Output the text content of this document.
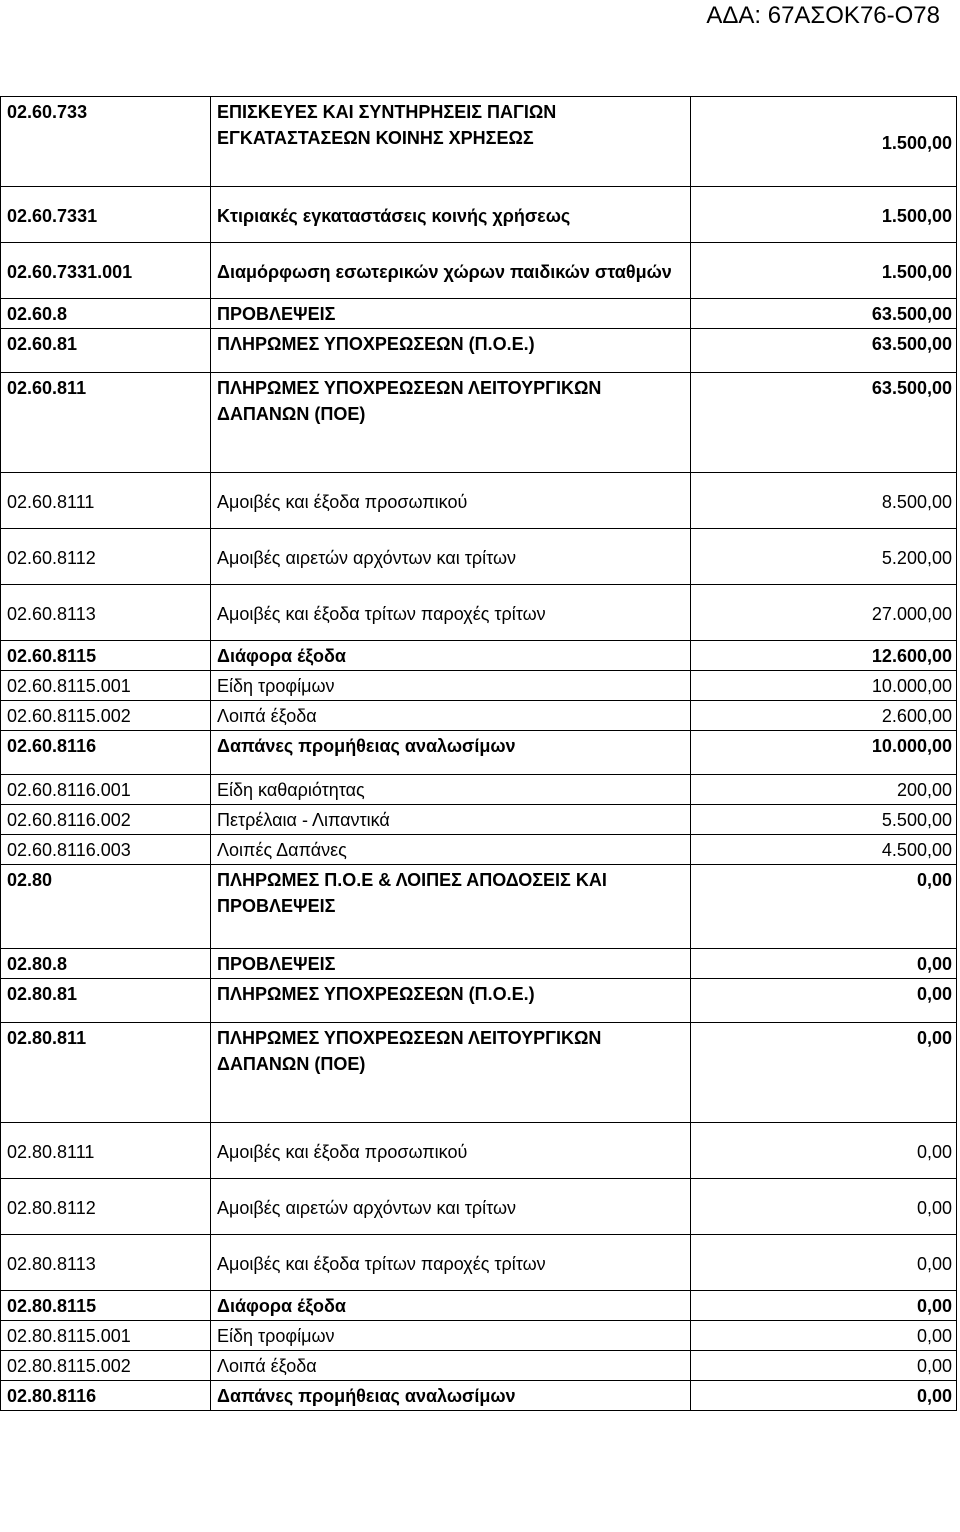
ΑΔΑ: 67ΑΣΟΚ76-Ο78
02.60.733	ΕΠΙΣΚΕΥΕΣ ΚΑΙ ΣΥΝΤΗΡΗΣΕΙΣ ΠΑΓΙΩΝ ΕΓΚΑΤΑΣΤΑΣΕΩΝ ΚΟΙΝΗΣ ΧΡΗΣΕΩΣ	1.500,00
02.60.7331	Κτιριακές εγκαταστάσεις κοινής χρήσεως	1.500,00
02.60.7331.001	Διαμόρφωση εσωτερικών χώρων παιδικών σταθμών	1.500,00
02.60.8	ΠΡΟΒΛΕΨΕΙΣ	63.500,00
02.60.81	ΠΛΗΡΩΜΕΣ ΥΠΟΧΡΕΩΣΕΩΝ (Π.Ο.Ε.)	63.500,00
02.60.811	ΠΛΗΡΩΜΕΣ ΥΠΟΧΡΕΩΣΕΩΝ ΛΕΙΤΟΥΡΓΙΚΩΝ ΔΑΠΑΝΩΝ (ΠΟΕ)	63.500,00
02.60.8111	Αμοιβές και έξοδα προσωπικού	8.500,00
02.60.8112	Αμοιβές αιρετών αρχόντων και τρίτων	5.200,00
02.60.8113	Αμοιβές και έξοδα τρίτων παροχές τρίτων	27.000,00
02.60.8115	Διάφορα έξοδα	12.600,00
02.60.8115.001	Είδη τροφίμων	10.000,00
02.60.8115.002	Λοιπά έξοδα	2.600,00
02.60.8116	Δαπάνες προμήθειας αναλωσίμων	10.000,00
02.60.8116.001	Είδη καθαριότητας	200,00
02.60.8116.002	Πετρέλαια - Λιπαντικά	5.500,00
02.60.8116.003	Λοιπές Δαπάνες	4.500,00
02.80	ΠΛΗΡΩΜΕΣ Π.Ο.Ε & ΛΟΙΠΕΣ ΑΠΟΔΟΣΕΙΣ ΚΑΙ ΠΡΟΒΛΕΨΕΙΣ	0,00
02.80.8	ΠΡΟΒΛΕΨΕΙΣ	0,00
02.80.81	ΠΛΗΡΩΜΕΣ ΥΠΟΧΡΕΩΣΕΩΝ (Π.Ο.Ε.)	0,00
02.80.811	ΠΛΗΡΩΜΕΣ ΥΠΟΧΡΕΩΣΕΩΝ ΛΕΙΤΟΥΡΓΙΚΩΝ ΔΑΠΑΝΩΝ (ΠΟΕ)	0,00
02.80.8111	Αμοιβές και έξοδα προσωπικού	0,00
02.80.8112	Αμοιβές αιρετών αρχόντων και τρίτων	0,00
02.80.8113	Αμοιβές και έξοδα τρίτων παροχές τρίτων	0,00
02.80.8115	Διάφορα έξοδα	0,00
02.80.8115.001	Είδη τροφίμων	0,00
02.80.8115.002	Λοιπά έξοδα	0,00
02.80.8116	Δαπάνες προμήθειας αναλωσίμων	0,00
